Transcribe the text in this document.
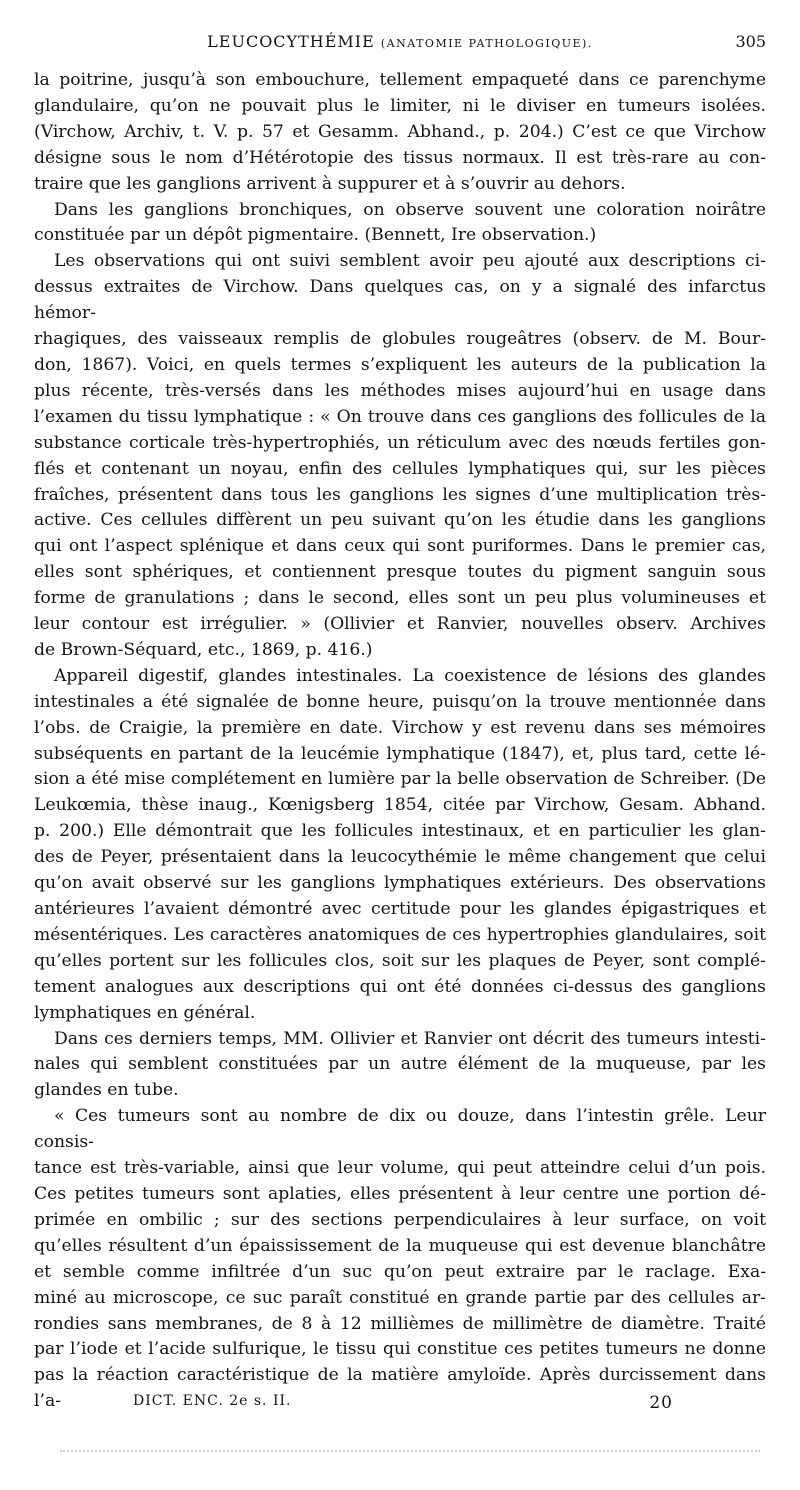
LEUCOCYTHÉMIE (ANATOMIE PATHOLOGIQUE).	305

la poitrine, jusqu’à son embouchure, tellement empaqueté dans ce parenchyme

glandulaire, qu’on ne pouvait plus le limiter, ni le diviser en tumeurs isolées.

(Virchow, Archiv, t. V. p. 57 et Gesamm. Abhand., p. 204.) C’est ce que Virchow

désigne sous le nom d’Hétérotopie des tissus normaux. Il est très-rare au con-

traire que les ganglions arrivent à suppurer et à s’ouvrir au dehors.

Dans les ganglions bronchiques, on observe souvent une coloration noirâtre

constituée par un dépôt pigmentaire. (Bennett, Ire observation.)

Les observations qui ont suivi semblent avoir peu ajouté aux descriptions ci-

dessus extraites de Virchow. Dans quelques cas, on y a signalé des infarctus hémor-

rhagiques, des vaisseaux remplis de globules rougeâtres (observ. de M. Bour-

don, 1867). Voici, en quels termes s’expliquent les auteurs de la publication la

plus récente, très-versés dans les méthodes mises aujourd’hui en usage dans

l’examen du tissu lymphatique : « On trouve dans ces ganglions des follicules de la

substance corticale très-hypertrophiés, un réticulum avec des nœuds fertiles gon-

flés et contenant un noyau, enfin des cellules lymphatiques qui, sur les pièces

fraîches, présentent dans tous les ganglions les signes d’une multiplication très-

active. Ces cellules diffèrent un peu suivant qu’on les étudie dans les ganglions

qui ont l’aspect splénique et dans ceux qui sont puriformes. Dans le premier cas,

elles sont sphériques, et contiennent presque toutes du pigment sanguin sous

forme de granulations ; dans le second, elles sont un peu plus volumineuses et

leur contour est irrégulier. » (Ollivier et Ranvier, nouvelles observ. Archives

de Brown-Séquard, etc., 1869, p. 416.)

Appareil digestif, glandes intestinales. La coexistence de lésions des glandes

intestinales a été signalée de bonne heure, puisqu’on la trouve mentionnée dans

l’obs. de Craigie, la première en date. Virchow y est revenu dans ses mémoires

subséquents en partant de la leucémie lymphatique (1847), et, plus tard, cette lé-

sion a été mise complétement en lumière par la belle observation de Schreiber. (De

Leukœmia, thèse inaug., Kœnigsberg 1854, citée par Virchow, Gesam. Abhand.

p. 200.) Elle démontrait que les follicules intestinaux, et en particulier les glan-

des de Peyer, présentaient dans la leucocythémie le même changement que celui

qu’on avait observé sur les ganglions lymphatiques extérieurs. Des observations

antérieures l’avaient démontré avec certitude pour les glandes épigastriques et

mésentériques. Les caractères anatomiques de ces hypertrophies glandulaires, soit

qu’elles portent sur les follicules clos, soit sur les plaques de Peyer, sont complé-

tement analogues aux descriptions qui ont été données ci-dessus des ganglions

lymphatiques en général.

Dans ces derniers temps, MM. Ollivier et Ranvier ont décrit des tumeurs intesti-

nales qui semblent constituées par un autre élément de la muqueuse, par les

glandes en tube.

« Ces tumeurs sont au nombre de dix ou douze, dans l’intestin grêle. Leur consis-

tance est très-variable, ainsi que leur volume, qui peut atteindre celui d’un pois.

Ces petites tumeurs sont aplaties, elles présentent à leur centre une portion dé-

primée en ombilic ; sur des sections perpendiculaires à leur surface, on voit

qu’elles résultent d’un épaississement de la muqueuse qui est devenue blanchâtre

et semble comme infiltrée d’un suc qu’on peut extraire par le raclage. Exa-

miné au microscope, ce suc paraît constitué en grande partie par des cellules ar-

rondies sans membranes, de 8 à 12 millièmes de millimètre de diamètre. Traité

par l’iode et l’acide sulfurique, le tissu qui constitue ces petites tumeurs ne donne

pas la réaction caractéristique de la matière amyloïde. Après durcissement dans l’a-	DICT. ENC. 2e s. II.	20
